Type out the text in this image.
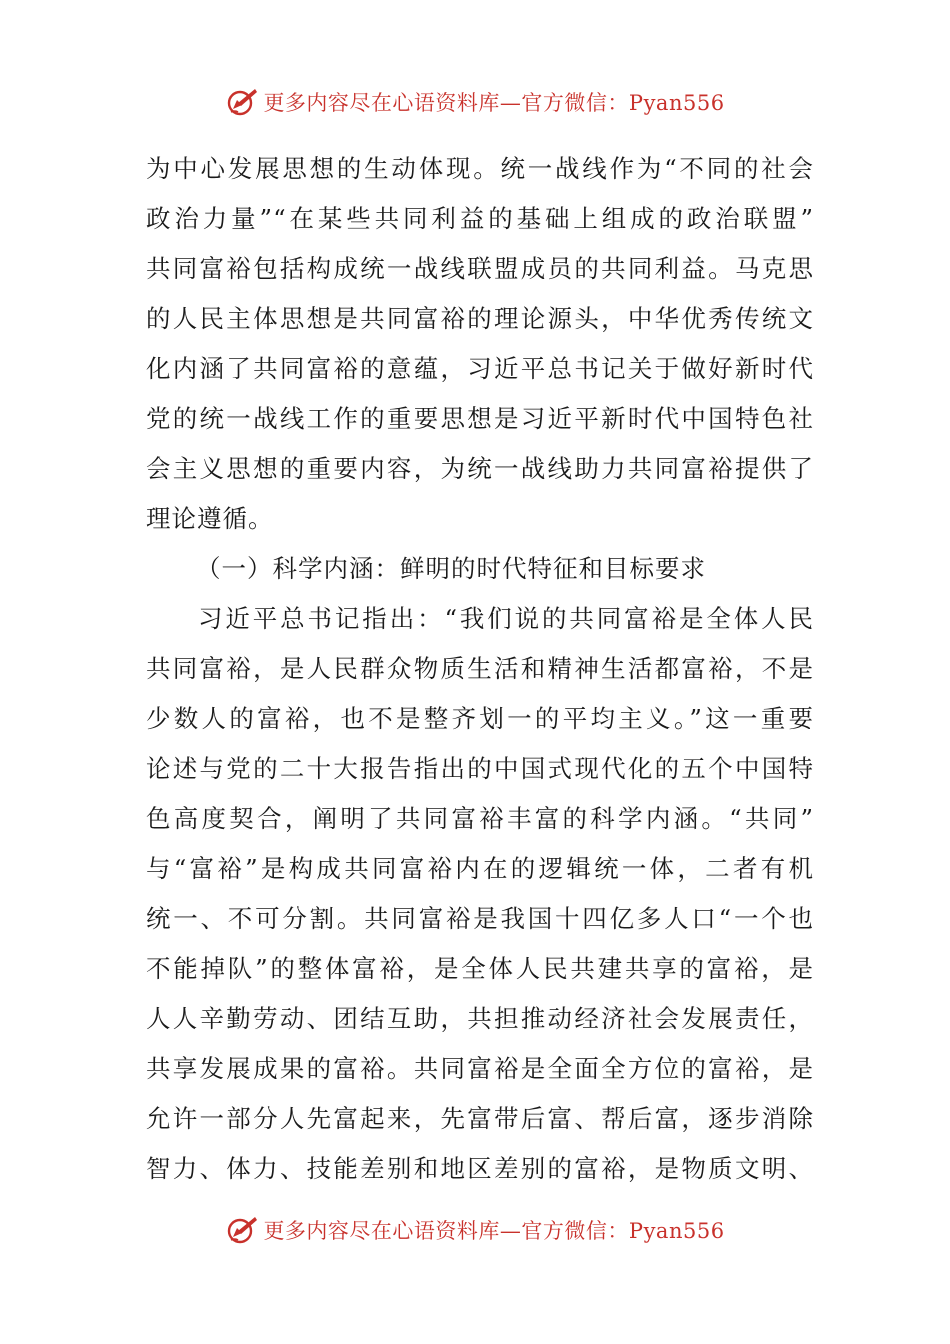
更多内容尽在心语资料库—官方微信：Pyan556
为中心发展思想的生动体现。统一战线作为“不同的社会
政治力量”“在某些共同利益的基础上组成的政治联盟”
共同富裕包括构成统一战线联盟成员的共同利益。马克思
的人民主体思想是共同富裕的理论源头，中华优秀传统文
化内涵了共同富裕的意蕴，习近平总书记关于做好新时代
党的统一战线工作的重要思想是习近平新时代中国特色社
会主义思想的重要内容，为统一战线助力共同富裕提供了
理论遵循。
（一）科学内涵：鲜明的时代特征和目标要求
习近平总书记指出：“我们说的共同富裕是全体人民
共同富裕，是人民群众物质生活和精神生活都富裕，不是
少数人的富裕，也不是整齐划一的平均主义。”这一重要
论述与党的二十大报告指出的中国式现代化的五个中国特
色高度契合，阐明了共同富裕丰富的科学内涵。“共同”
与“富裕”是构成共同富裕内在的逻辑统一体，二者有机
统一、不可分割。共同富裕是我国十四亿多人口“一个也
不能掉队”的整体富裕，是全体人民共建共享的富裕，是
人人辛勤劳动、团结互助，共担推动经济社会发展责任，
共享发展成果的富裕。共同富裕是全面全方位的富裕，是
允许一部分人先富起来，先富带后富、帮后富，逐步消除
智力、体力、技能差别和地区差别的富裕，是物质文明、
更多内容尽在心语资料库—官方微信：Pyan556
